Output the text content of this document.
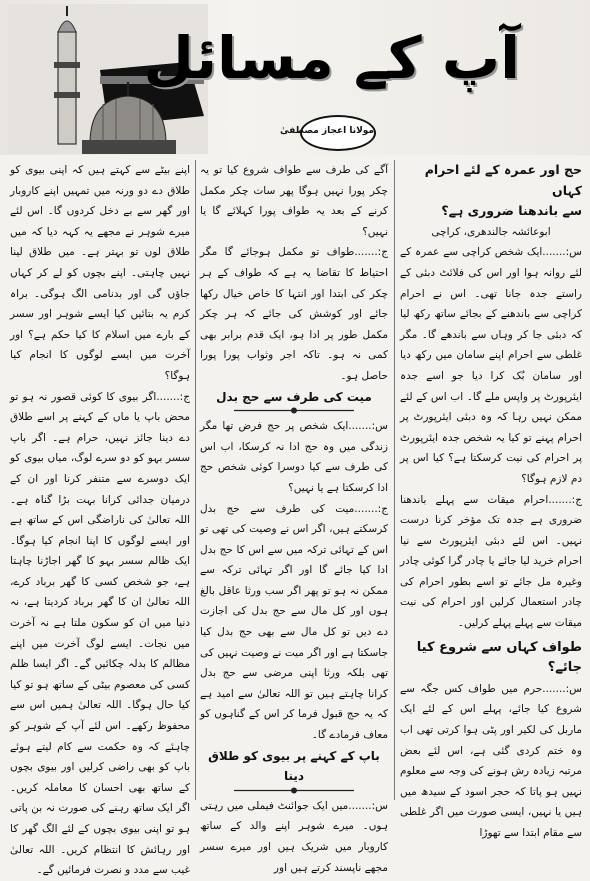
آپ کے مسائل
مولانا اعجاز مصطفیٰ

حج اور عمرہ کے لئے احرام کہاں

سے باندھنا ضروری ہے؟

ابوعائشہ جالندھری، کراچی

س:.......ایک شخص کراچی سے عمرہ کے لئے روانہ ہوا اور اس کی فلائٹ دبئی کے راستے جدہ جانا تھی۔ اس نے احرام کراچی سے باندھنے کے بجائے ساتھ رکھ لیا کہ دبئی جا کر وہاں سے باندھے گا۔ مگر غلطی سے احرام اپنے سامان میں رکھ دیا اور سامان بُک کرا دیا جو اسے جدہ ایئرپورٹ پر واپس ملے گا۔ اب اس کے لئے ممکن نہیں رہا کہ وہ دبئی ایئرپورٹ پر احرام پہنے تو کیا یہ شخص جدہ ایئرپورٹ پر احرام کی نیت کرسکتا ہے؟ کیا اس پر دم لازم ہوگا؟

ج:.......احرام میقات سے پہلے باندھنا ضروری ہے جدہ تک مؤخر کرنا درست نہیں۔ اس لئے دبئی ایئرپورٹ سے نیا احرام خرید لیا جائے یا چادر گرا کوئی چادر وغیرہ مل جائے تو اسے بطور احرام کی چادر استعمال کرلیں اور احرام کی نیت میقات سے پہلے پہلے کرلیں۔

طواف کہاں سے شروع کیا جائے؟

س:.......حرم میں طواف کس جگہ سے شروع کیا جائے، پہلے اس کے لئے ایک ماربل کی لکیر اور پٹی ہوا کرتی تھی اب وہ ختم کردی گئی ہے، اس لئے بعض مرتبہ زیادہ رش ہونے کی وجہ سے معلوم نہیں ہو پاتا کہ حجر اسود کے سیدھ میں ہیں یا نہیں، ایسی صورت میں اگر غلطی سے مقام ابتدا سے تھوڑا

آگے کی طرف سے طواف شروع کیا تو یہ چکر پورا نہیں ہوگا پھر سات چکر مکمل کرنے کے بعد یہ طواف پورا کہلائے گا یا نہیں؟

ج:.......طواف تو مکمل ہوجائے گا مگر احتیاط کا تقاضا یہ ہے کہ طواف کے ہر چکر کی ابتدا اور انتہا کا خاص خیال رکھا جائے اور کوشش کی جائے کہ ہر چکر مکمل طور پر ادا ہو، ایک قدم برابر بھی کمی نہ ہو۔ تاکہ اجر وثواب پورا پورا حاصل ہو۔

میت کی طرف سے حج بدل

س:.......ایک شخص پر حج فرض تھا مگر زندگی میں وہ حج ادا نہ کرسکا، اب اس کی طرف سے کیا دوسرا کوئی شخص حج ادا کرسکتا ہے یا نہیں؟

ج:.......میت کی طرف سے حج بدل کرسکتے ہیں، اگر اس نے وصیت کی تھی تو اس کے تہائی ترکہ میں سے اس کا حج بدل ادا کیا جائے گا اور اگر تہائی ترکہ سے ممکن نہ ہو تو پھر اگر سب ورثا عاقل بالغ ہوں اور کل مال سے حج بدل کی اجازت دے دیں تو کل مال سے بھی حج بدل کیا جاسکتا ہے اور اگر میت نے وصیت نہیں کی تھی بلکہ ورثا اپنی مرضی سے حج بدل کرانا چاہتے ہیں تو اللہ تعالیٰ سے امید ہے کہ یہ حج قبول فرما کر اس کے گناہوں کو معاف فرمادے گا۔

باپ کے کہنے پر بیوی کو طلاق دینا

س:.......میں ایک جوائنٹ فیملی میں رہتی ہوں۔ میرے شوہر اپنے والد کے ساتھ کاروبار میں شریک ہیں اور میرے سسر مجھے ناپسند کرتے ہیں اور

اپنے بیٹے سے کہتے ہیں کہ اپنی بیوی کو طلاق دے دو ورنہ میں تمہیں اپنے کاروبار اور گھر سے بے دخل کردوں گا۔ اس لئے میرے شوہر نے مجھے یہ کہہ دیا کہ میں طلاق لوں تو بہتر ہے۔ میں طلاق لینا نہیں چاہتی۔ اپنے بچوں کو لے کر کہاں جاؤں گی اور بدنامی الگ ہوگی۔ براہ کرم یہ بتائیں کیا ایسے شوہر اور سسر کے بارے میں اسلام کا کیا حکم ہے؟ اور آخرت میں ایسے لوگوں کا انجام کیا ہوگا؟

ج:.......اگر بیوی کا کوئی قصور نہ ہو تو محض باپ یا ماں کے کہنے پر اسے طلاق دے دینا جائز نہیں، حرام ہے۔ اگر باپ سسر بہو کو دو سرے لوگ، میاں بیوی کو ایک دوسرے سے متنفر کرنا اور ان کے درمیان جدائی کرانا بہت بڑا گناہ ہے۔ اللہ تعالیٰ کی ناراضگی اس کے ساتھ ہے اور ایسے لوگوں کا اپنا انجام کیا ہوگا۔ ایک ظالم سسر بہو کا گھر اجاڑنا چاہتا ہے، جو شخص کسی کا گھر برباد کرے، اللہ تعالیٰ ان کا گھر برباد کردیتا ہے، نہ دنیا میں ان کو سکون ملتا ہے نہ آخرت میں نجات۔ ایسے لوگ آخرت میں اپنے مظالم کا بدلہ چکائیں گے۔ اگر ایسا ظلم کسی کی معصوم بیٹی کے ساتھ ہو تو کیا کیا حال ہوگا۔ اللہ تعالیٰ ہمیں اس سے محفوظ رکھے۔ اس لئے آپ کے شوہر کو چاہئے کہ وہ حکمت سے کام لیتے ہوئے باپ کو بھی راضی کرلیں اور بیوی بچوں کے ساتھ بھی احسان کا معاملہ کریں۔ اگر ایک ساتھ رہنے کی صورت نہ بن پاتی ہو تو اپنی بیوی بچوں کے لئے الگ گھر کا اور رہائش کا انتظام کریں۔ اللہ تعالیٰ غیب سے مدد و نصرت فرمائیں گے۔
